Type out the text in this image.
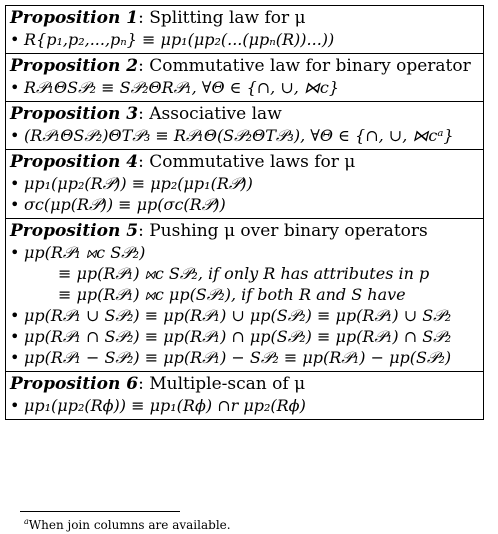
Proposition 1: Splitting law for μ
• R{p₁,p₂,...,pₙ} ≡ μp₁(μp₂(...(μpₙ(R))...))
Proposition 2: Commutative law for binary operator
• R𝒫₁ΘS𝒫₂ ≡ S𝒫₂ΘR𝒫₁, ∀Θ ∈ {∩, ∪, ⋈c}
Proposition 3: Associative law
• (R𝒫₁ΘS𝒫₂)ΘT𝒫₃ ≡ R𝒫₁Θ(S𝒫₂ΘT𝒫₃), ∀Θ ∈ {∩, ∪, ⋈cᵃ}
Proposition 4: Commutative laws for μ
• μp₁(μp₂(R𝒫)) ≡ μp₂(μp₁(R𝒫))
• σc(μp(R𝒫)) ≡ μp(σc(R𝒫))
Proposition 5: Pushing μ over binary operators
• μp(R𝒫₁ ⋈c S𝒫₂)
≡ μp(R𝒫₁) ⋈c S𝒫₂, if only R has attributes in p
≡ μp(R𝒫₁) ⋈c μp(S𝒫₂), if both R and S have
• μp(R𝒫₁ ∪ S𝒫₂) ≡ μp(R𝒫₁) ∪ μp(S𝒫₂) ≡ μp(R𝒫₁) ∪ S𝒫₂
• μp(R𝒫₁ ∩ S𝒫₂) ≡ μp(R𝒫₁) ∩ μp(S𝒫₂) ≡ μp(R𝒫₁) ∩ S𝒫₂
• μp(R𝒫₁ − S𝒫₂) ≡ μp(R𝒫₁) − S𝒫₂ ≡ μp(R𝒫₁) − μp(S𝒫₂)
Proposition 6: Multiple-scan of μ
• μp₁(μp₂(Rϕ)) ≡ μp₁(Rϕ) ∩r μp₂(Rϕ)
$^a$When join columns are available.
